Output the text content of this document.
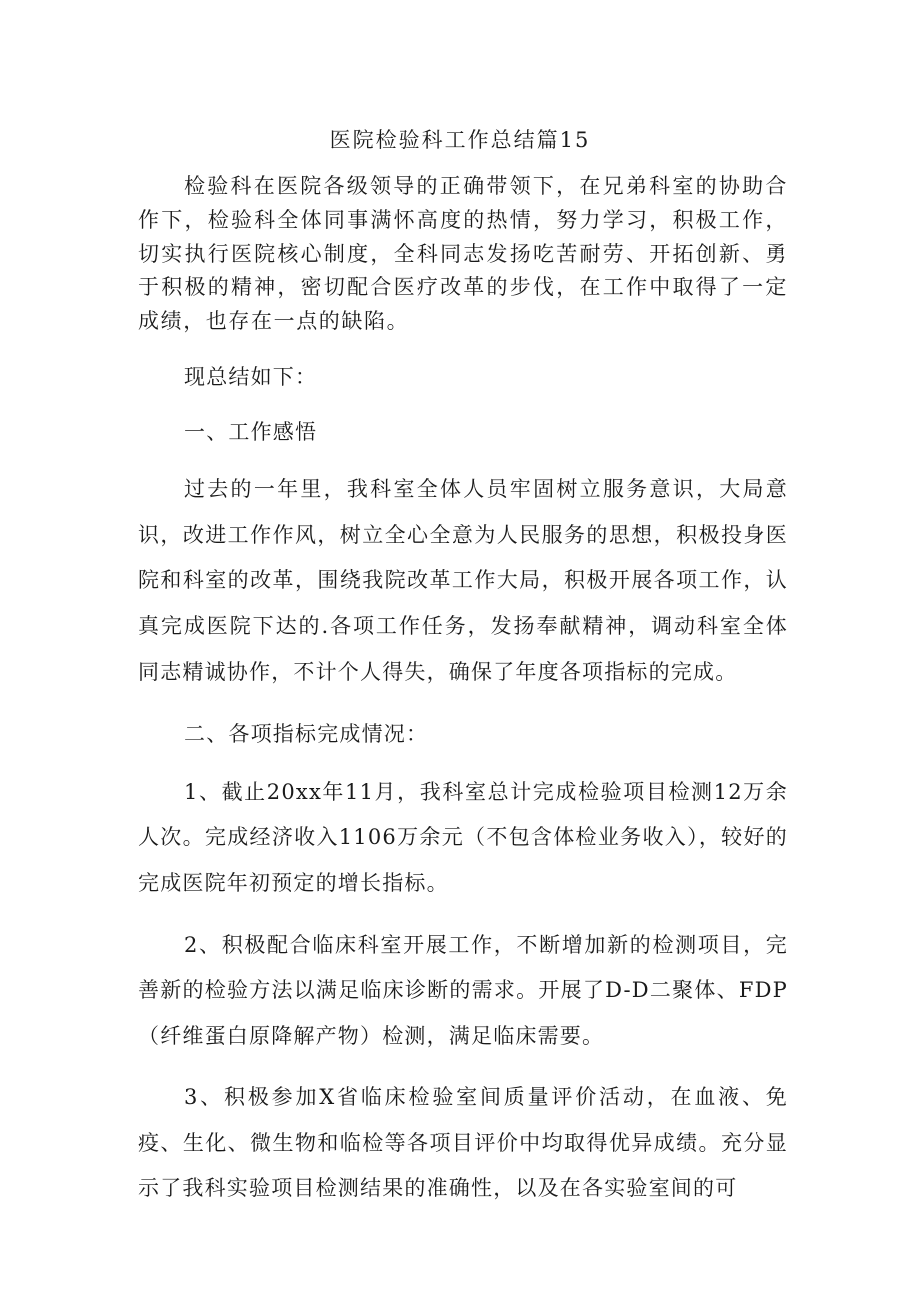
医院检验科工作总结篇15

检验科在医院各级领导的正确带领下，在兄弟科室的协助合作下，检验科全体同事满怀高度的热情，努力学习，积极工作，切实执行医院核心制度，全科同志发扬吃苦耐劳、开拓创新、勇于积极的精神，密切配合医疗改革的步伐，在工作中取得了一定成绩，也存在一点的缺陷。

现总结如下：

一、工作感悟

过去的一年里，我科室全体人员牢固树立服务意识，大局意识，改进工作作风，树立全心全意为人民服务的思想，积极投身医院和科室的改革，围绕我院改革工作大局，积极开展各项工作，认真完成医院下达的.各项工作任务，发扬奉献精神，调动科室全体同志精诚协作，不计个人得失，确保了年度各项指标的完成。

二、各项指标完成情况：

1、截止20xx年11月，我科室总计完成检验项目检测12万余人次。完成经济收入1106万余元（不包含体检业务收入），较好的完成医院年初预定的增长指标。

2、积极配合临床科室开展工作，不断增加新的检测项目，完善新的检验方法以满足临床诊断的需求。开展了D-D二聚体、FDP（纤维蛋白原降解产物）检测，满足临床需要。

3、积极参加X省临床检验室间质量评价活动，在血液、免疫、生化、微生物和临检等各项目评价中均取得优异成绩。充分显示了我科实验项目检测结果的准确性，以及在各实验室间的可
